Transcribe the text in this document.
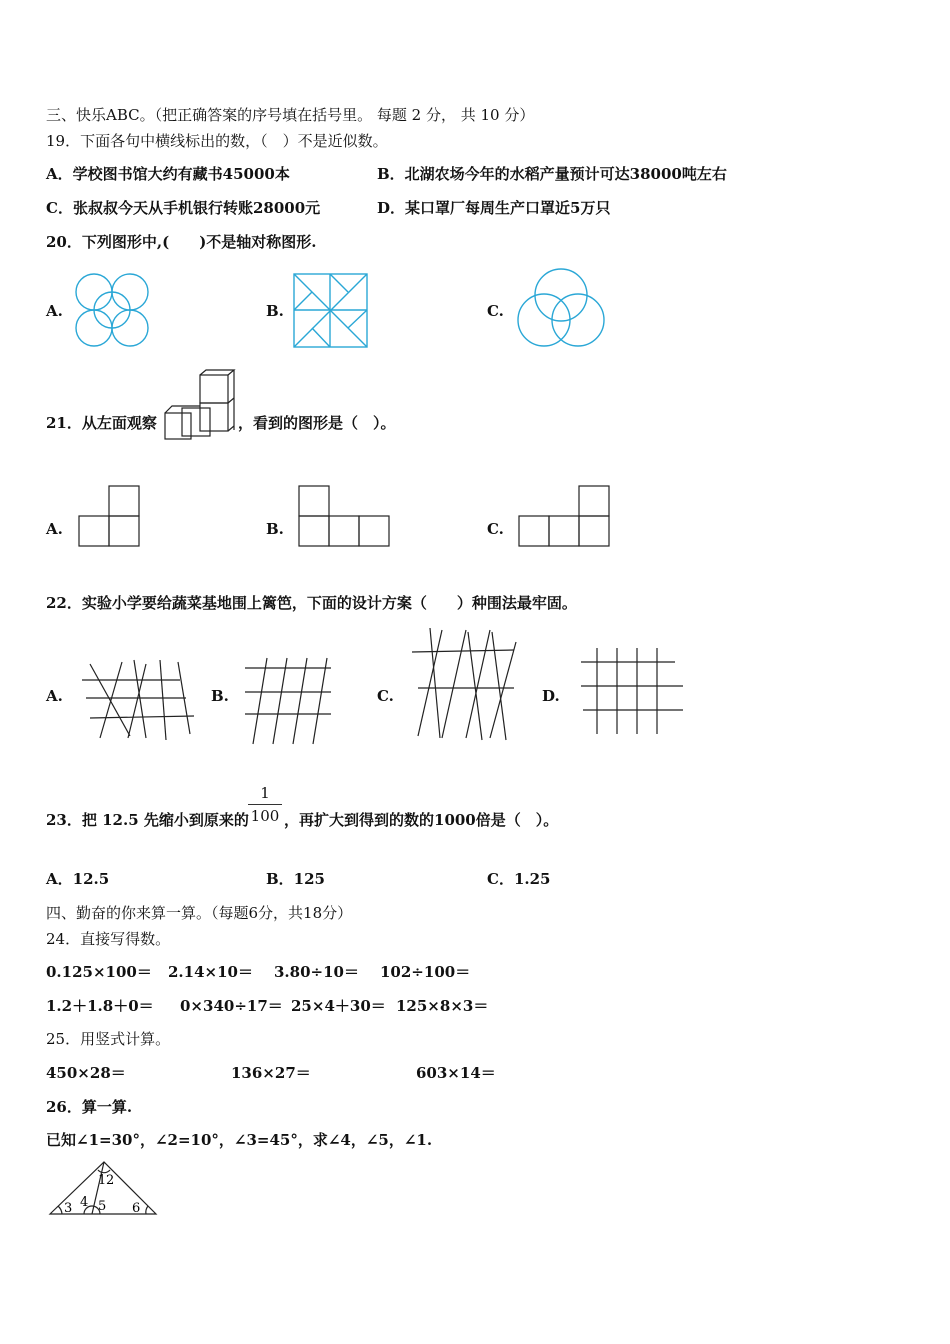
三、快乐ABC。（把正确答案的序号填在括号里。 每题 2 分， 共 10 分）
19．下面各句中横线标出的数，（　）不是近似数。
A．学校图书馆大约有藏书45000本	B．北湖农场今年的水稻产量预计可达38000吨左右
C．张叔叔今天从手机银行转账28000元	D．某口罩厂每周生产口罩近5万只
20．下列图形中,(　　)不是轴对称图形.
A.	B.	C.
21．从左面观察	，看到的图形是（　）。
A.	B.	C.
22．实验小学要给蔬菜基地围上篱笆，下面的设计方案（　　）种围法最牢固。
A.	B.	C.	D.
23．把 12.5 先缩小到原来的
1
100 ，再扩大到得到的数的1000倍是（　）。
A．12.5	B．125	C．1.25
四、勤奋的你来算一算。（每题6分，共18分）
24．直接写得数。
0.125×100＝ 2.14×10＝ 3.80÷10＝ 102÷100＝
1.2＋1.8＋0＝ 0×340÷17＝ 25×4＋30＝ 125×8×3＝
25．用竖式计算。
450×28＝	136×27＝	603×14＝
26．算一算.
已知∠1=30°，∠2=10°，∠3=45°，求∠4，∠5，∠1.
1 2
3 4 5 6
